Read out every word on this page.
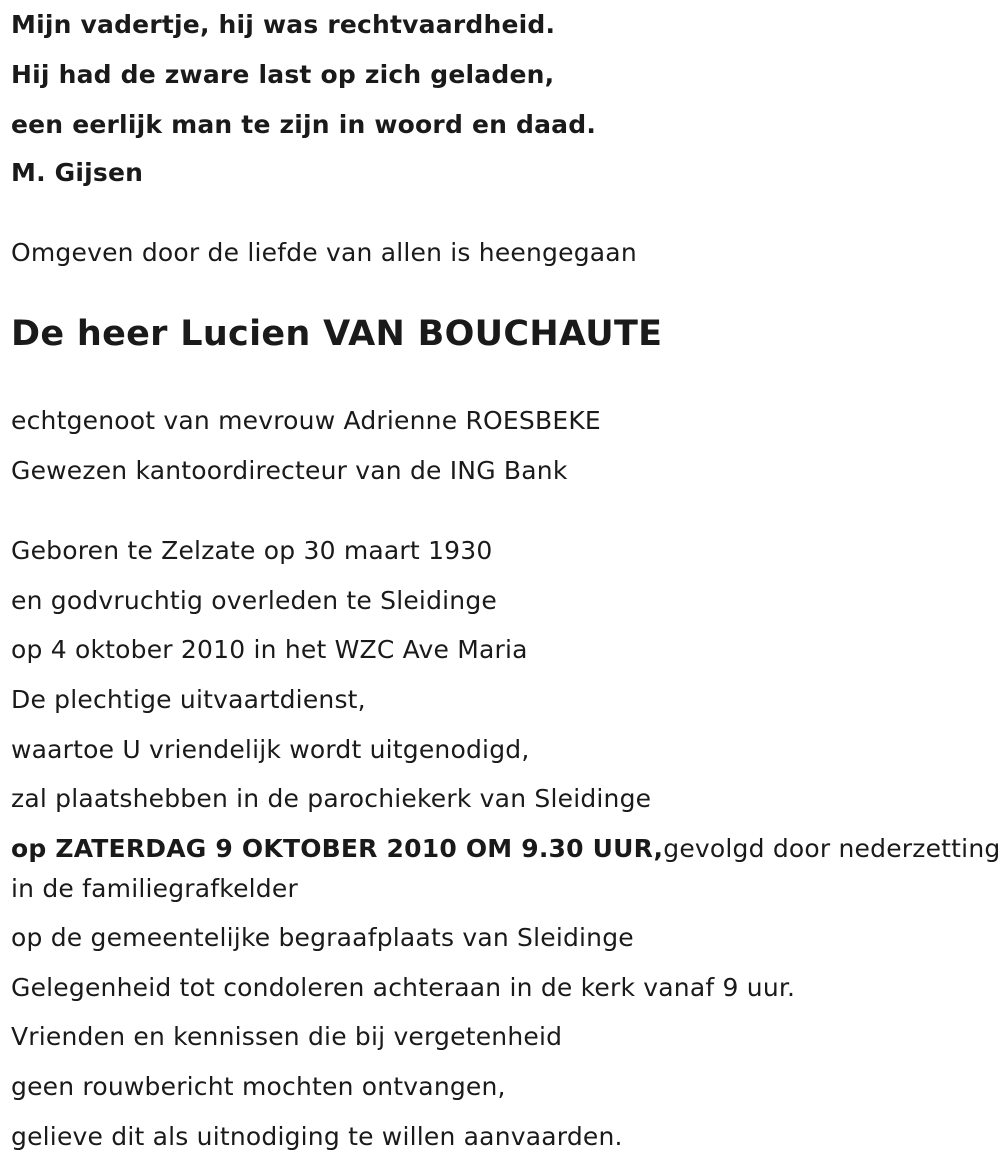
Mijn vadertje, hij was rechtvaardheid.
Hij had de zware last op zich geladen,
een eerlijk man te zijn in woord en daad.
M. Gijsen
Omgeven door de liefde van allen is heengegaan
De heer Lucien VAN BOUCHAUTE
echtgenoot van mevrouw Adrienne ROESBEKE
Gewezen kantoordirecteur van de ING Bank
Geboren te Zelzate op 30 maart 1930
en godvruchtig overleden te Sleidinge
op 4 oktober 2010 in het WZC Ave Maria
De plechtige uitvaartdienst,
waartoe U vriendelijk wordt uitgenodigd,
zal plaatshebben in de parochiekerk van Sleidinge
op ZATERDAG 9 OKTOBER 2010 OM 9.30 UUR,gevolgd door nederzetting
in de familiegrafkelder
op de gemeentelijke begraafplaats van Sleidinge
Gelegenheid tot condoleren achteraan in de kerk vanaf 9 uur.
Vrienden en kennissen die bij vergetenheid
geen rouwbericht mochten ontvangen,
gelieve dit als uitnodiging te willen aanvaarden.
